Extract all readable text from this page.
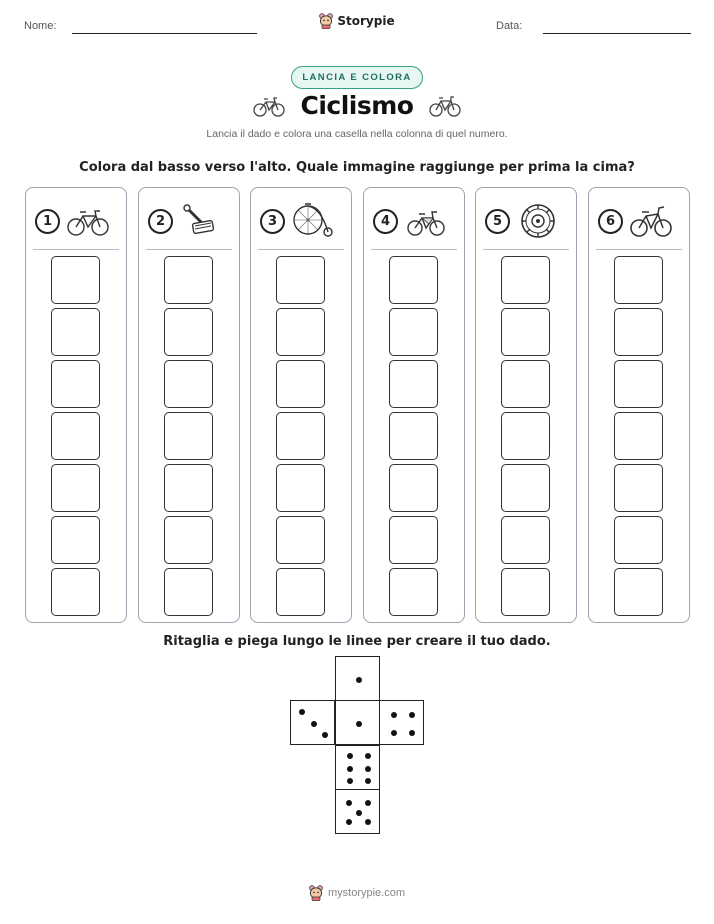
Nome:	Data:
Storypie
LANCIA E COLORA
Ciclismo
Lancia il dado e colora una casella nella colonna di quel numero.
Colora dal basso verso l'alto. Quale immagine raggiunge per prima la cima?
1	2	3	4	5	6
Ritaglia e piega lungo le linee per creare il tuo dado.
mystorypie.com
